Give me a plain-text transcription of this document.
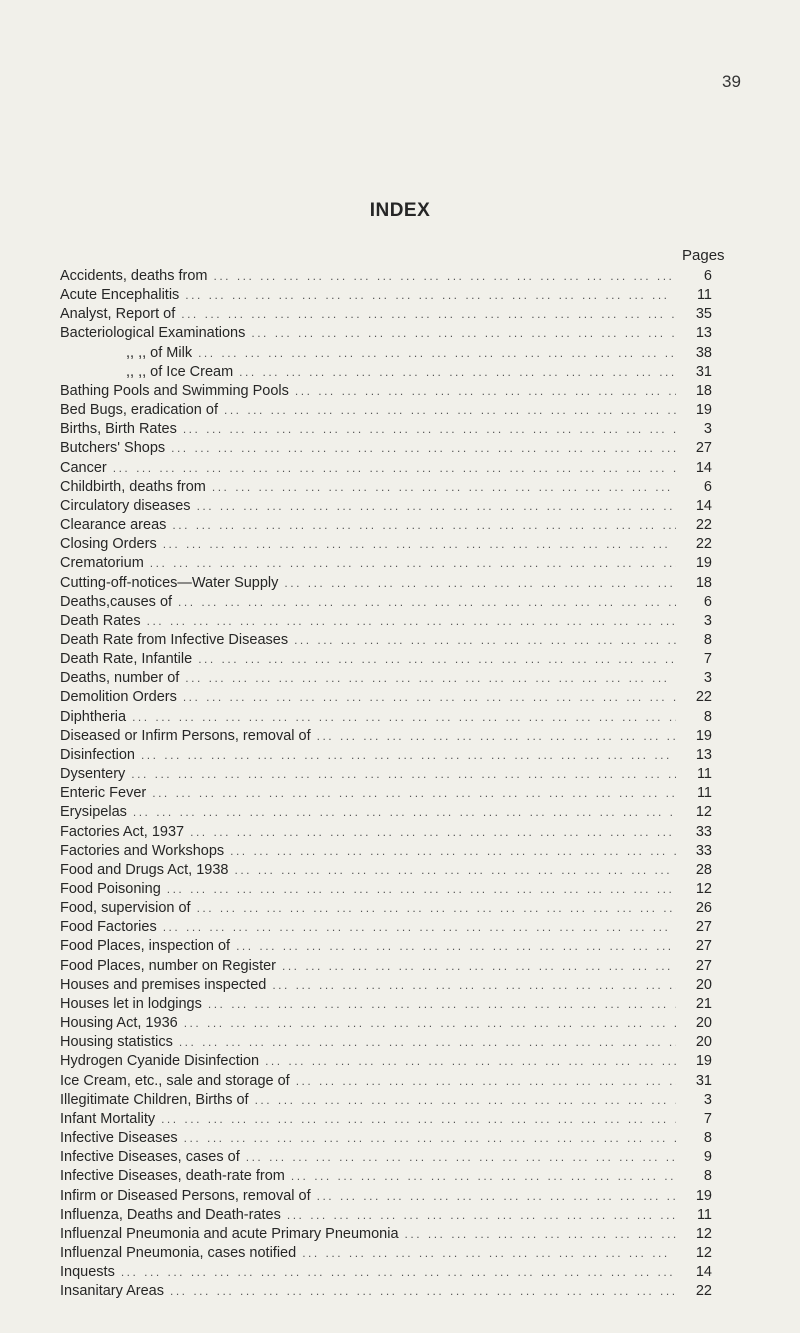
39
INDEX
Pages
Accidents, deaths from ... .	6
Acute Encephalitis ... .	11
Analyst, Report of ... .	35
Bacteriological Examinations ... .	13
,, ,, of Milk ... .	38
,, ,, of Ice Cream ... .	31
Bathing Pools and Swimming Pools ... .	18
Bed Bugs, eradication of ... .	19
Births, Birth Rates ... .	3
Butchers' Shops ... .	27
Cancer ... .	14
Childbirth, deaths from ... .	6
Circulatory diseases ... .	14
Clearance areas ... .	22
Closing Orders ... .	22
Crematorium ... .	19
Cutting-off-notices—Water Supply ... .	18
Deaths,causes of ... .	6
Death Rates ... .	3
Death Rate from Infective Diseases ... .	8
Death Rate, Infantile ... .	7
Deaths, number of ... .	3
Demolition Orders ... .	22
Diphtheria ... .	8
Diseased or Infirm Persons, removal of ... .	19
Disinfection ... .	13
Dysentery ... .	11
Enteric Fever ... .	11
Erysipelas ... .	12
Factories Act, 1937 ... .	33
Factories and Workshops ... .	33
Food and Drugs Act, 1938 ... .	28
Food Poisoning ... .	12
Food, supervision of ... .	26
Food Factories ... .	27
Food Places, inspection of ... .	27
Food Places, number on Register ... .	27
Houses and premises inspected ... .	20
Houses let in lodgings ... .	21
Housing Act, 1936 ... .	20
Housing statistics ... .	20
Hydrogen Cyanide Disinfection ... .	19
Ice Cream, etc., sale and storage of ... .	31
Illegitimate Children, Births of ... .	3
Infant Mortality ... .	7
Infective Diseases ... .	8
Infective Diseases, cases of ... .	9
Infective Diseases, death-rate from ... .	8
Infirm or Diseased Persons, removal of ... .	19
Influenza, Deaths and Death-rates ... .	11
Influenzal Pneumonia and acute Primary Pneumonia ... .	12
Influenzal Pneumonia, cases notified ... .	12
Inquests ... .	14
Insanitary Areas ... .	22
